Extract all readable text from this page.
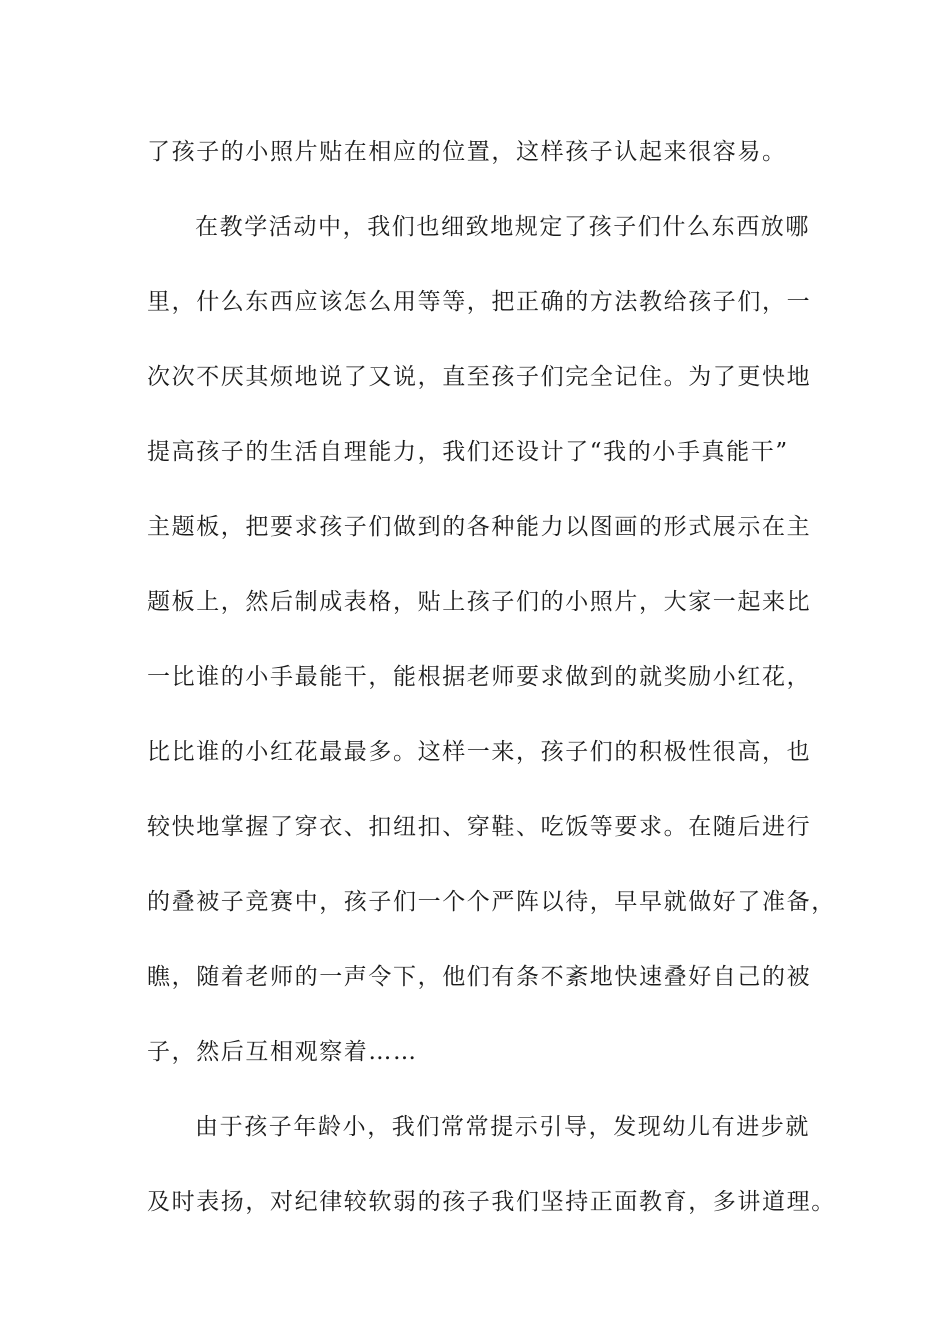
了孩子的小照片贴在相应的位置，这样孩子认起来很容易。
在教学活动中，我们也细致地规定了孩子们什么东西放哪
里，什么东西应该怎么用等等，把正确的方法教给孩子们，一
次次不厌其烦地说了又说，直至孩子们完全记住。为了更快地
提高孩子的生活自理能力，我们还设计了“我的小手真能干”
主题板，把要求孩子们做到的各种能力以图画的形式展示在主
题板上，然后制成表格，贴上孩子们的小照片，大家一起来比
一比谁的小手最能干，能根据老师要求做到的就奖励小红花，
比比谁的小红花最最多。这样一来，孩子们的积极性很高，也
较快地掌握了穿衣、扣纽扣、穿鞋、吃饭等要求。在随后进行
的叠被子竞赛中，孩子们一个个严阵以待，早早就做好了准备，
瞧，随着老师的一声令下，他们有条不紊地快速叠好自己的被
子，然后互相观察着……
由于孩子年龄小，我们常常提示引导，发现幼儿有进步就
及时表扬，对纪律较软弱的孩子我们坚持正面教育，多讲道理。
